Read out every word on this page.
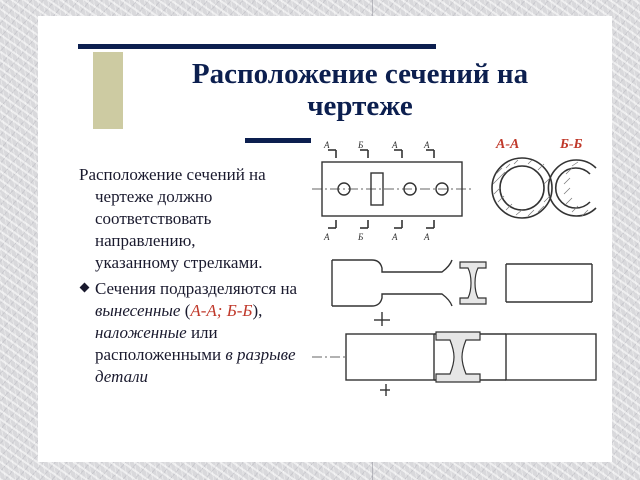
Расположение сечений на чертеже

Расположение сечений на
чертеже должно
соответствовать
направлению,
указанному стрелками.

Сечения подразделяются на вынесенные (А-А; Б-Б), наложенные или расположенными в разрыве детали

А-А	Б-Б
А	Б	А	А
А	Б	А	А
